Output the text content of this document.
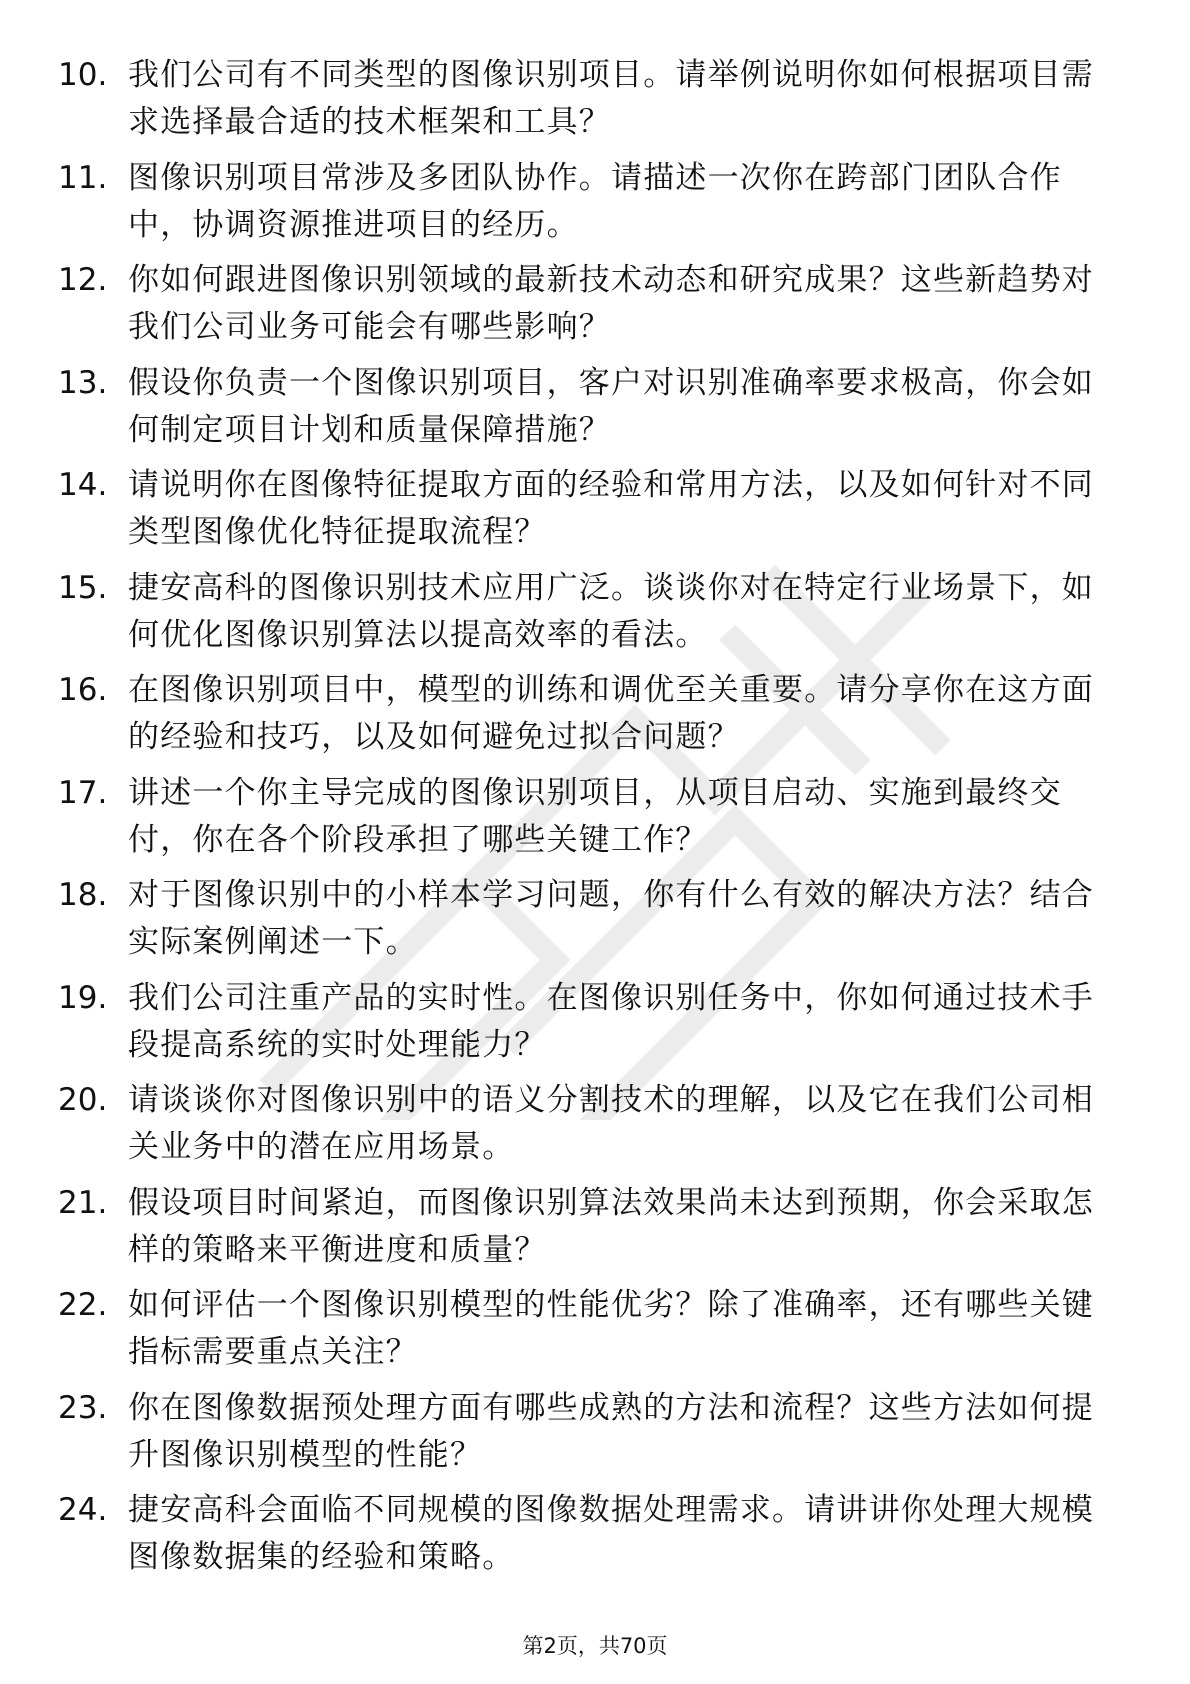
10. 我们公司有不同类型的图像识别项目。请举例说明你如何根据项目需求选择最合适的技术框架和工具？
11. 图像识别项目常涉及多团队协作。请描述一次你在跨部门团队合作中，协调资源推进项目的经历。
12. 你如何跟进图像识别领域的最新技术动态和研究成果？这些新趋势对我们公司业务可能会有哪些影响？
13. 假设你负责一个图像识别项目，客户对识别准确率要求极高，你会如何制定项目计划和质量保障措施？
14. 请说明你在图像特征提取方面的经验和常用方法，以及如何针对不同类型图像优化特征提取流程？
15. 捷安高科的图像识别技术应用广泛。谈谈你对在特定行业场景下，如何优化图像识别算法以提高效率的看法。
16. 在图像识别项目中，模型的训练和调优至关重要。请分享你在这方面的经验和技巧，以及如何避免过拟合问题？
17. 讲述一个你主导完成的图像识别项目，从项目启动、实施到最终交付，你在各个阶段承担了哪些关键工作？
18. 对于图像识别中的小样本学习问题，你有什么有效的解决方法？结合实际案例阐述一下。
19. 我们公司注重产品的实时性。在图像识别任务中，你如何通过技术手段提高系统的实时处理能力？
20. 请谈谈你对图像识别中的语义分割技术的理解，以及它在我们公司相关业务中的潜在应用场景。
21. 假设项目时间紧迫，而图像识别算法效果尚未达到预期，你会采取怎样的策略来平衡进度和质量？
22. 如何评估一个图像识别模型的性能优劣？除了准确率，还有哪些关键指标需要重点关注？
23. 你在图像数据预处理方面有哪些成熟的方法和流程？这些方法如何提升图像识别模型的性能？
24. 捷安高科会面临不同规模的图像数据处理需求。请讲讲你处理大规模图像数据集的经验和策略。
第2页，共70页
